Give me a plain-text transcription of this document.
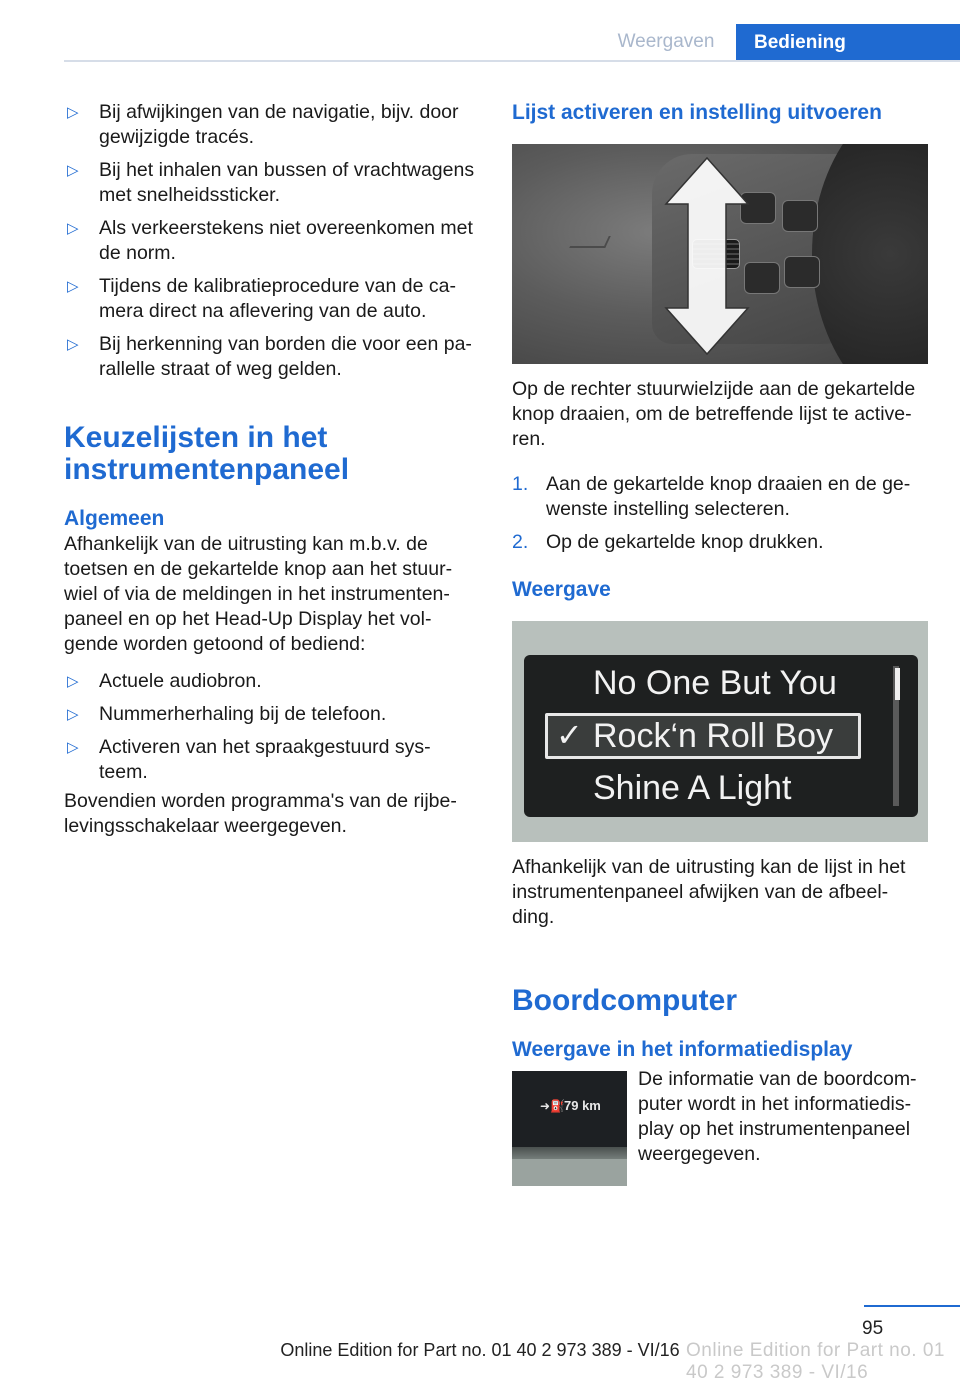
Weergaven	Bediening
▷ Bij afwijkingen van de navigatie, bijv. door gewijzigde tracés.
▷ Bij het inhalen van bussen of vrachtwagens met snelheidssticker.
▷ Als verkeerstekens niet overeenkomen met de norm.
▷ Tijdens de kalibratieprocedure van de ca‐ mera direct na aflevering van de auto.
▷ Bij herkenning van borden die voor een pa‐ rallelle straat of weg gelden.
Keuzelijsten in het instrumentenpaneel
Algemeen

Afhankelijk van de uitrusting kan m.b.v. de toetsen en de gekartelde knop aan het stuur‐ wiel of via de meldingen in het instrumenten‐ paneel en op het Head-Up Display het vol‐ gende worden getoond of bediend:

▷ Actuele audiobron.
▷ Nummerherhaling bij de telefoon.
▷ Activeren van het spraakgestuurd sys‐ teem.

Bovendien worden programma's van de rijbe‐ levingsschakelaar weergegeven.

Lijst activeren en instelling uitvoeren

Op de rechter stuurwielzijde aan de gekartelde knop draaien, om de betreffende lijst te active‐ ren.

1. Aan de gekartelde knop draaien en de ge‐ wenste instelling selecteren.
2. Op de gekartelde knop drukken.
Weergave
No One But You
✓ Rock‘n Roll Boy
Shine A Light

Afhankelijk van de uitrusting kan de lijst in het instrumentenpaneel afwijken van de afbeel‐ ding.

Boordcomputer
Weergave in het informatiedisplay
➜⛽ 79 km

De informatie van de boordcom‐ puter wordt in het informatiedis‐ play op het instrumentenpaneel weergegeven.

95
Online Edition for Part no. 01 40 2 973 389 - VI/16 Online Edition for Part no. 01 40 2 973 389 - VI/16
